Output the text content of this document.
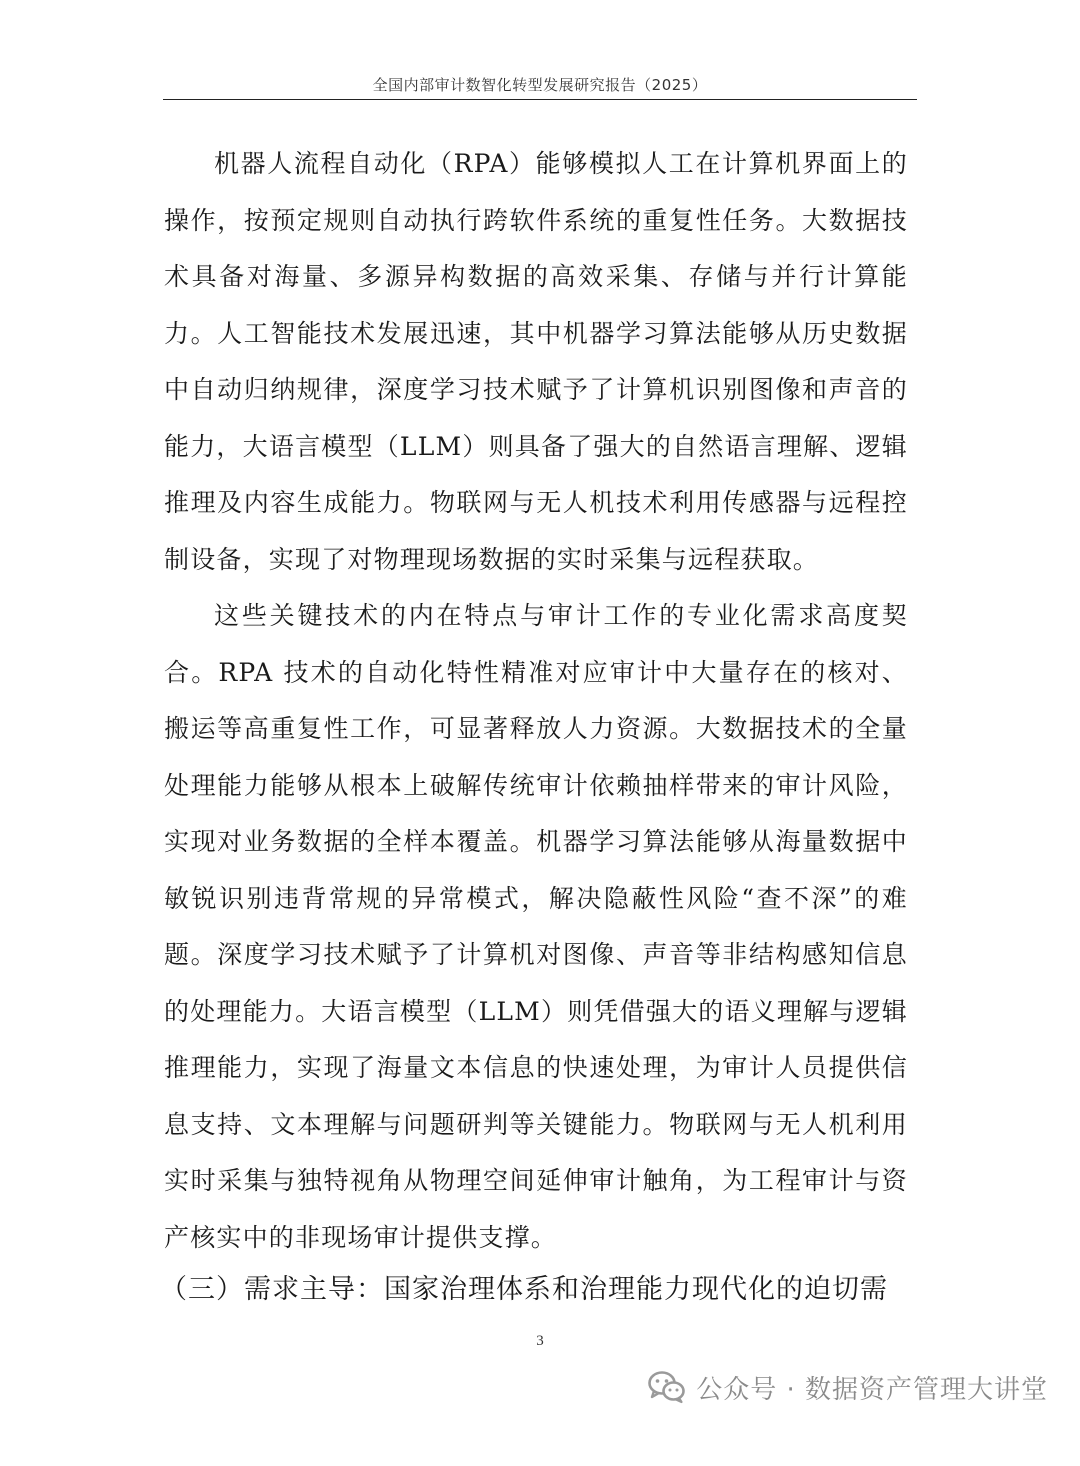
全国内部审计数智化转型发展研究报告（2025）

机器人流程自动化（RPA）能够模拟人工在计算机界面上的操作，按预定规则自动执行跨软件系统的重复性任务。大数据技术具备对海量、多源异构数据的高效采集、存储与并行计算能力。人工智能技术发展迅速，其中机器学习算法能够从历史数据中自动归纳规律，深度学习技术赋予了计算机识别图像和声音的能力，大语言模型（LLM）则具备了强大的自然语言理解、逻辑推理及内容生成能力。物联网与无人机技术利用传感器与远程控制设备，实现了对物理现场数据的实时采集与远程获取。

这些关键技术的内在特点与审计工作的专业化需求高度契合。RPA 技术的自动化特性精准对应审计中大量存在的核对、搬运等高重复性工作，可显著释放人力资源。大数据技术的全量处理能力能够从根本上破解传统审计依赖抽样带来的审计风险，实现对业务数据的全样本覆盖。机器学习算法能够从海量数据中敏锐识别违背常规的异常模式，解决隐蔽性风险“查不深”的难题。深度学习技术赋予了计算机对图像、声音等非结构感知信息的处理能力。大语言模型（LLM）则凭借强大的语义理解与逻辑推理能力，实现了海量文本信息的快速处理，为审计人员提供信息支持、文本理解与问题研判等关键能力。物联网与无人机利用实时采集与独特视角从物理空间延伸审计触角，为工程审计与资产核实中的非现场审计提供支撑。

（三）需求主导：国家治理体系和治理能力现代化的迫切需
3
公众号 · 数据资产管理大讲堂
